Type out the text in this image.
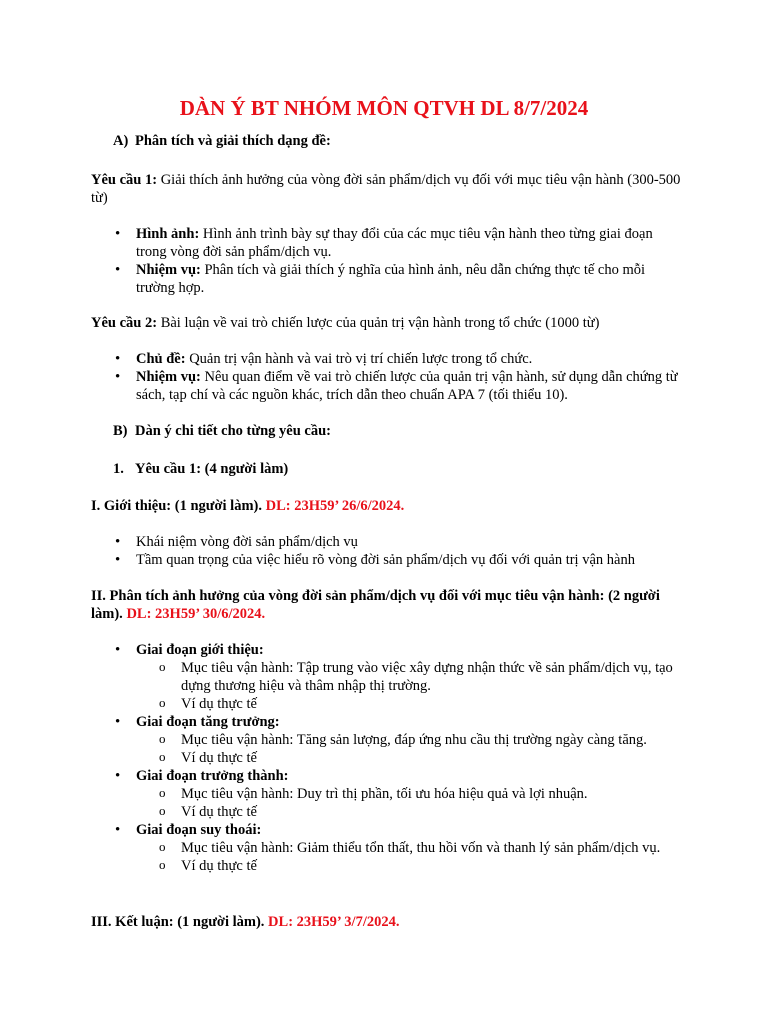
DÀN Ý BT NHÓM MÔN QTVH DL 8/7/2024
A) Phân tích và giải thích dạng đề:
Yêu cầu 1: Giải thích ảnh hưởng của vòng đời sản phẩm/dịch vụ đối với mục tiêu vận hành (300-500 từ)
• Hình ảnh: Hình ảnh trình bày sự thay đổi của các mục tiêu vận hành theo từng giai đoạn trong vòng đời sản phẩm/dịch vụ.
• Nhiệm vụ: Phân tích và giải thích ý nghĩa của hình ảnh, nêu dẫn chứng thực tế cho mỗi trường hợp.
Yêu cầu 2: Bài luận về vai trò chiến lược của quản trị vận hành trong tổ chức (1000 từ)
• Chủ đề: Quản trị vận hành và vai trò vị trí chiến lược trong tổ chức.
• Nhiệm vụ: Nêu quan điểm về vai trò chiến lược của quản trị vận hành, sử dụng dẫn chứng từ sách, tạp chí và các nguồn khác, trích dẫn theo chuẩn APA 7 (tối thiểu 10).
B) Dàn ý chi tiết cho từng yêu cầu:
1. Yêu cầu 1: (4 người làm)
I. Giới thiệu: (1 người làm). DL: 23H59’ 26/6/2024.
• Khái niệm vòng đời sản phẩm/dịch vụ
• Tầm quan trọng của việc hiểu rõ vòng đời sản phẩm/dịch vụ đối với quản trị vận hành
II. Phân tích ảnh hưởng của vòng đời sản phẩm/dịch vụ đối với mục tiêu vận hành: (2 người làm). DL: 23H59’ 30/6/2024.
• Giai đoạn giới thiệu:
o Mục tiêu vận hành: Tập trung vào việc xây dựng nhận thức về sản phẩm/dịch vụ, tạo dựng thương hiệu và thâm nhập thị trường.
o Ví dụ thực tế
• Giai đoạn tăng trưởng:
o Mục tiêu vận hành: Tăng sản lượng, đáp ứng nhu cầu thị trường ngày càng tăng.
o Ví dụ thực tế
• Giai đoạn trưởng thành:
o Mục tiêu vận hành: Duy trì thị phần, tối ưu hóa hiệu quả và lợi nhuận.
o Ví dụ thực tế
• Giai đoạn suy thoái:
o Mục tiêu vận hành: Giảm thiểu tổn thất, thu hồi vốn và thanh lý sản phẩm/dịch vụ.
o Ví dụ thực tế
III. Kết luận: (1 người làm). DL: 23H59’ 3/7/2024.
